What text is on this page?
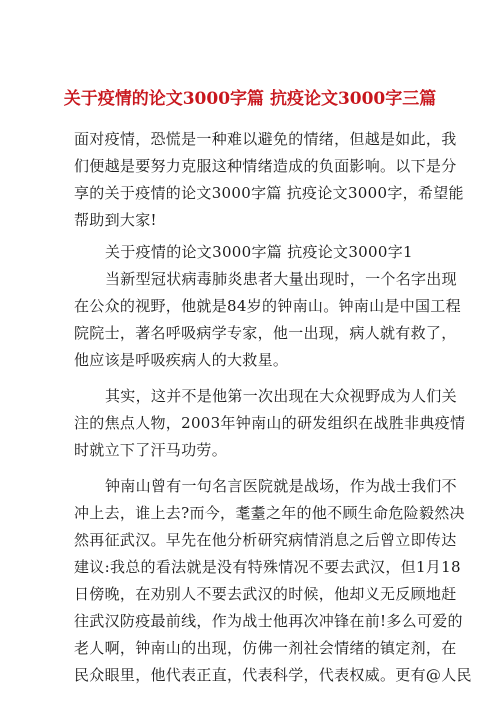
关于疫情的论文3000字篇 抗疫论文3000字三篇

面对疫情，恐慌是一种难以避免的情绪，但越是如此，我
们便越是要努力克服这种情绪造成的负面影响。以下是分
享的关于疫情的论文3000字篇 抗疫论文3000字，希望能
帮助到大家!

关于疫情的论文3000字篇 抗疫论文3000字1

当新型冠状病毒肺炎患者大量出现时，一个名字出现
在公众的视野，他就是84岁的钟南山。钟南山是中国工程
院院士，著名呼吸病学专家，他一出现，病人就有救了，
他应该是呼吸疾病人的大救星。

其实，这并不是他第一次出现在大众视野成为人们关
注的焦点人物，2003年钟南山的研发组织在战胜非典疫情
时就立下了汗马功劳。

钟南山曾有一句名言医院就是战场，作为战士我们不
冲上去，谁上去?而今，耄耋之年的他不顾生命危险毅然决
然再征武汉。早先在他分析研究病情消息之后曾立即传达
建议:我总的看法就是没有特殊情况不要去武汉，但1月18
日傍晚，在劝别人不要去武汉的时候，他却义无反顾地赶
往武汉防疫最前线，作为战士他再次冲锋在前!多么可爱的
老人啊，钟南山的出现，仿佛一剂社会情绪的镇定剂，在
民众眼里，他代表正直，代表科学，代表权威。更有@人民
